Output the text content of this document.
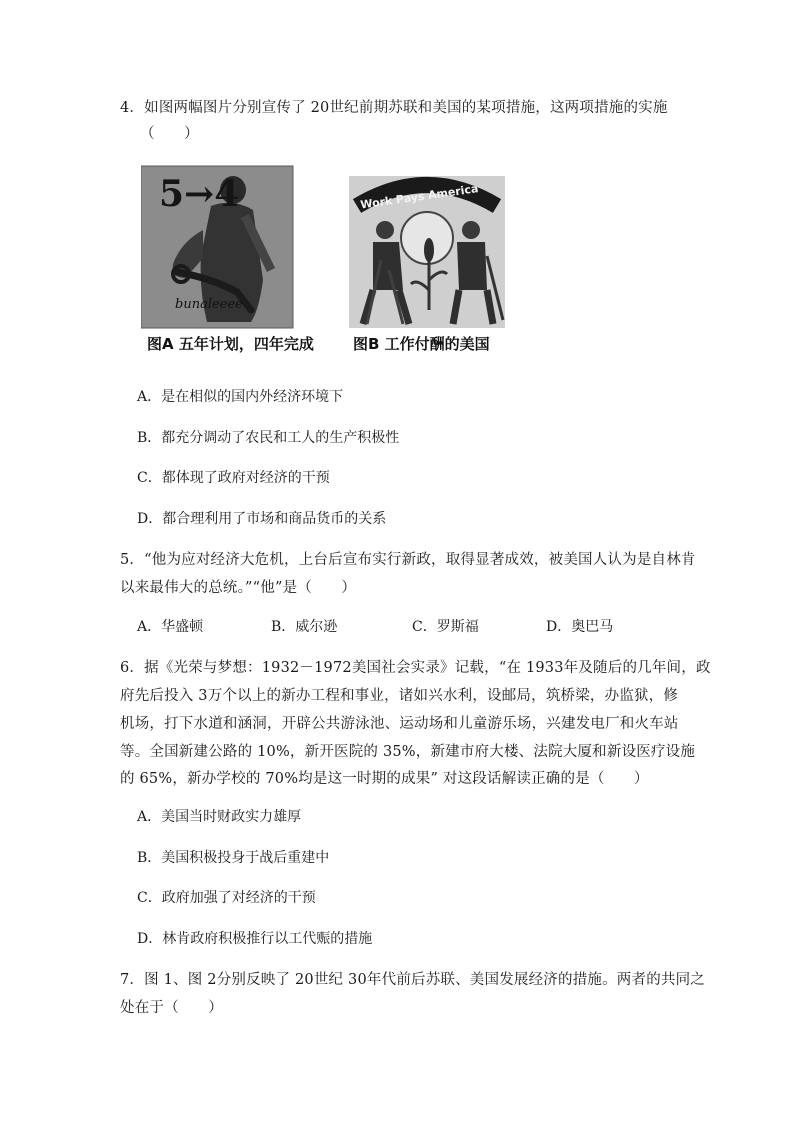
4．如图两幅图片分别宣传了 20世纪前期苏联和美国的某项措施，这两项措施的实施
（　　）
5→4
bunaleeee
Work Pays America
图A 五年计划，四年完成	图B 工作付酬的美国
A．是在相似的国内外经济环境下
B．都充分调动了农民和工人的生产积极性
C．都体现了政府对经济的干预
D．都合理利用了市场和商品货币的关系
5．“他为应对经济大危机，上台后宣布实行新政，取得显著成效，被美国人认为是自林肯
以来最伟大的总统。”“他”是（　　）
A．华盛顿	B．威尔逊	C．罗斯福	D．奥巴马
6．据《光荣与梦想：1932－1972美国社会实录》记载，“在 1933年及随后的几年间，政
府先后投入 3万个以上的新办工程和事业，诸如兴水利，设邮局，筑桥梁，办监狱，修
机场，打下水道和涵洞，开辟公共游泳池、运动场和儿童游乐场，兴建发电厂和火车站
等。全国新建公路的 10%，新开医院的 35%，新建市府大楼、法院大厦和新设医疗设施
的 65%，新办学校的 70%均是这一时期的成果” 对这段话解读正确的是（　　）
A．美国当时财政实力雄厚
B．美国积极投身于战后重建中
C．政府加强了对经济的干预
D．林肯政府积极推行以工代赈的措施
7．图 1、图 2分别反映了 20世纪 30年代前后苏联、美国发展经济的措施。两者的共同之
处在于（　　）
